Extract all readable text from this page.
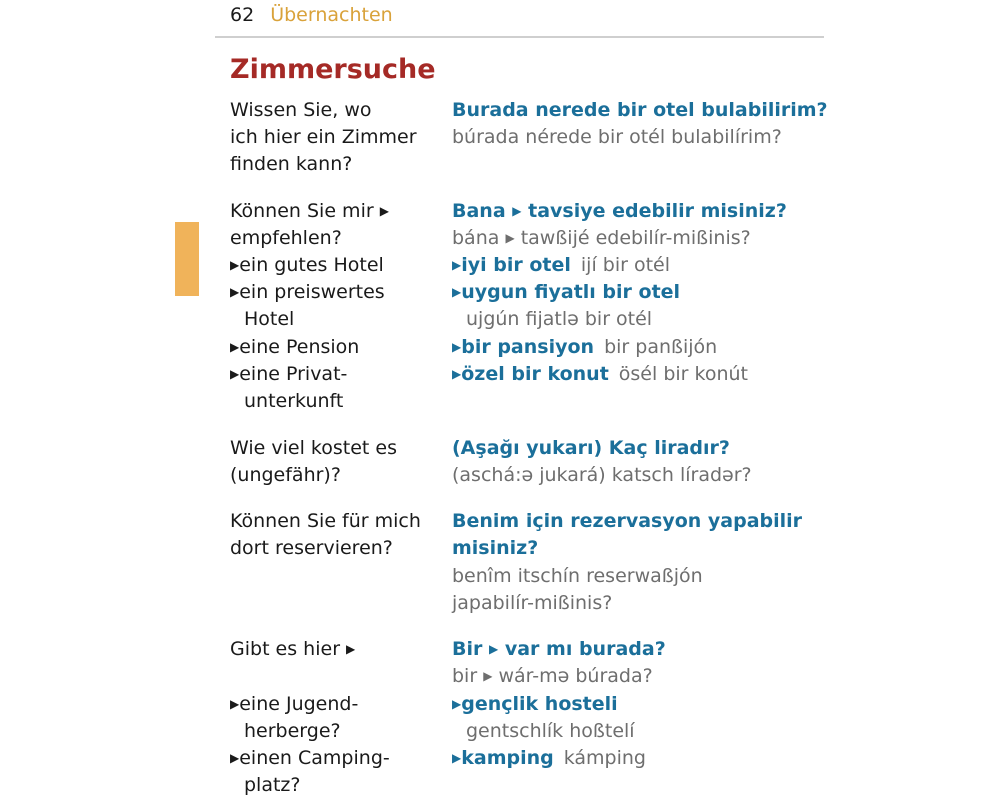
62 Übernachten
Zimmersuche
Wissen Sie, wo
ich hier ein Zimmer
finden kann?
Burada nerede bir otel bulabilirim?
búrada nérede bir otél bulabilírim?
Können Sie mir ▶
empfehlen?
▶ein gutes Hotel
▶ein preiswertes
Hotel
▶eine Pension
▶eine Privat-
unterkunft
Bana ▶ tavsiye edebilir misiniz?
bána ▶ tawßijé edebilír-mißinis?
▶iyi bir otel ijí bir otél
▶uygun fiyatlı bir otel
ujgún fijatlə bir otél
▶bir pansiyon bir panßijón
▶özel bir konut ösél bir konút
Wie viel kostet es
(ungefähr)?
(Aşağı yukarı) Kaç liradır?
(aschá:ə jukará) katsch líradər?
Können Sie für mich
dort reservieren?
Benim için rezervasyon yapabilir
misiniz?
benîm itschín reserwaßjón
japabilír-mißinis?
Gibt es hier ▶
▶eine Jugend-
herberge?
▶einen Camping-
platz?
Bir ▶ var mı burada?
bir ▶ wár-mə búrada?
▶gençlik hosteli
gentschlík hoßtelí
▶kamping kámping
